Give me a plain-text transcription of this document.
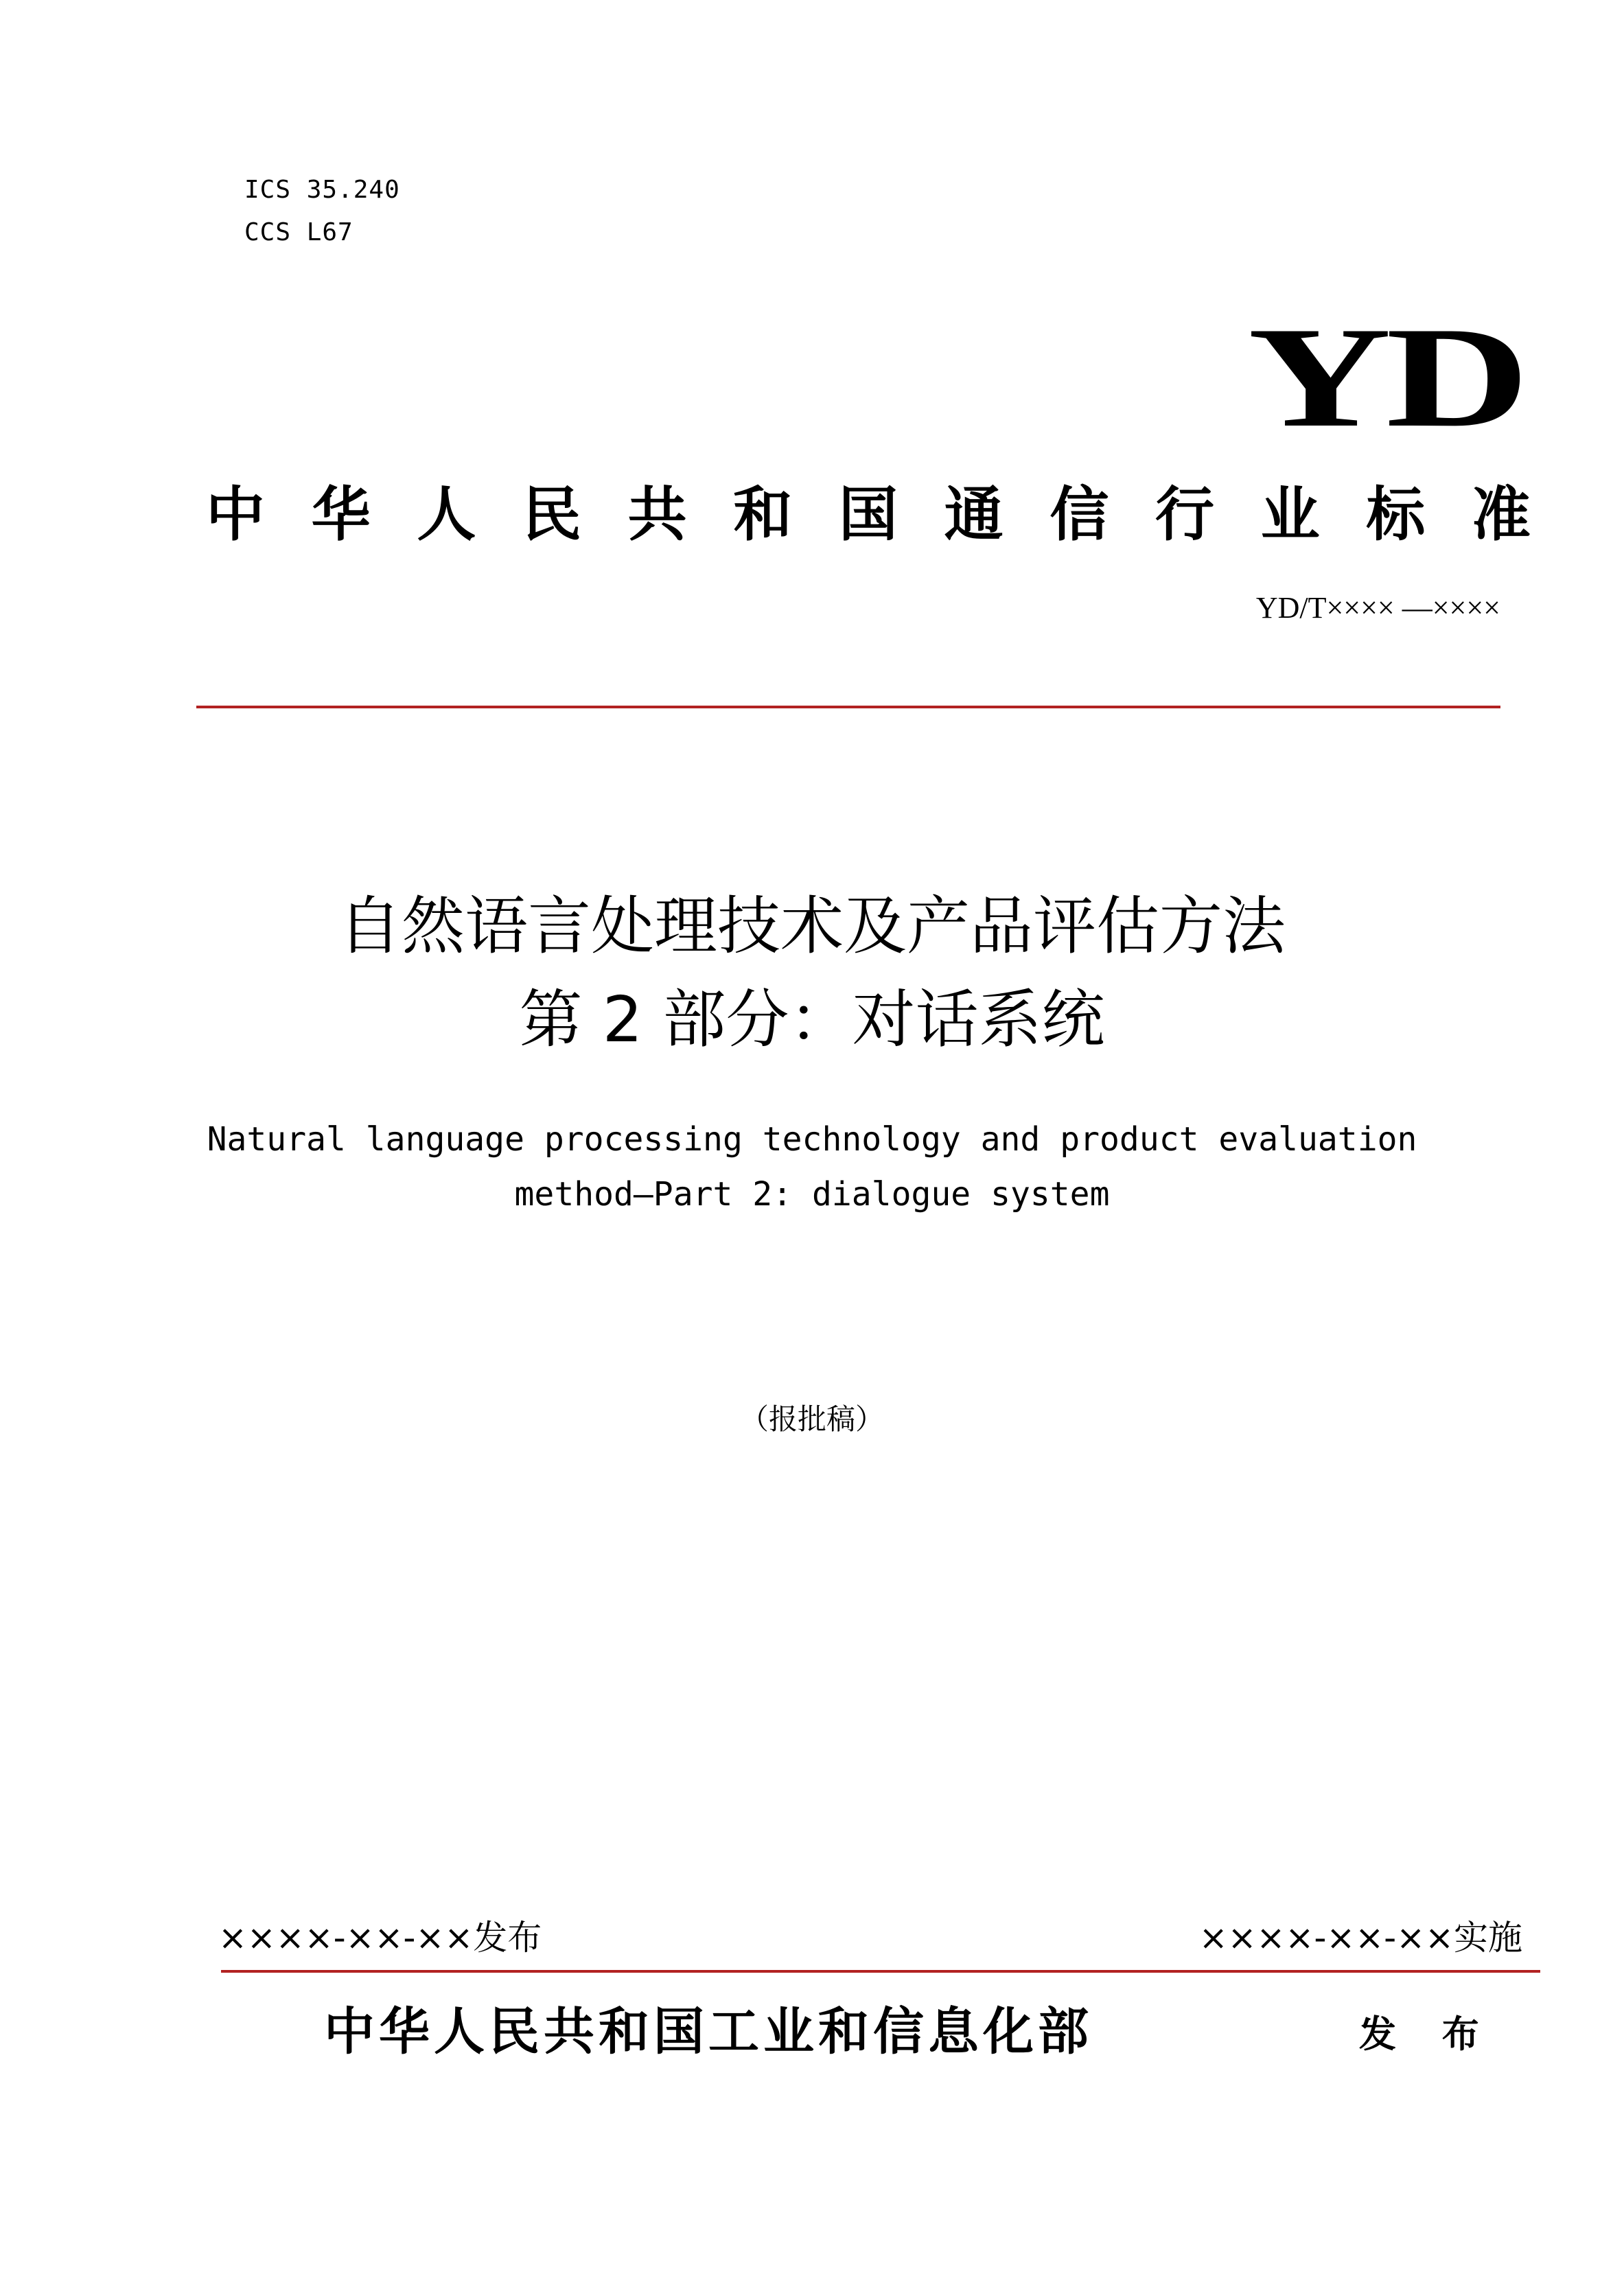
ICS 35.240
CCS L67
YD
中 华 人 民 共 和 国 通 信 行 业 标 准
YD/T×××× —××××
自然语言处理技术及产品评估方法
第 2 部分：对话系统
Natural language processing technology and product evaluation
method—Part 2: dialogue system
（报批稿）
××××-××-××发布	××××-××-××实施
中华人民共和国工业和信息化部	发 布
